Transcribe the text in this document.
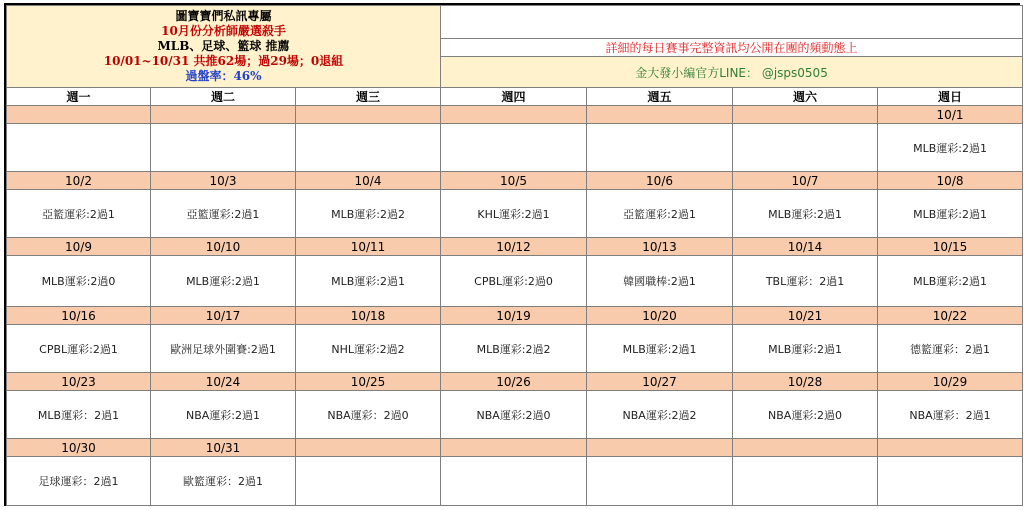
圖寶寶們私訊專屬
10月份分析師嚴選殺手
MLB、足球、籃球 推薦
10/01~10/31 共推62場；過29場；0退組
過盤率：46%						

			詳細的每日賽事完整資訊均公開在團的頻動態上			
			金大發小編官方LINE： @jsps0505			
週一	週二	週三	週四	週五	週六	週日
						10/1
						MLB運彩:2過1
10/2	10/3	10/4	10/5	10/6	10/7	10/8
亞籃運彩:2過1	亞籃運彩:2過1	MLB運彩:2過2	KHL運彩:2過1	亞籃運彩:2過1	MLB運彩:2過1	MLB運彩:2過1
10/9	10/10	10/11	10/12	10/13	10/14	10/15
MLB運彩:2過0	MLB運彩:2過1	MLB運彩:2過1	CPBL運彩:2過0	韓國職棒:2過1	TBL運彩：2過1	MLB運彩:2過1
10/16	10/17	10/18	10/19	10/20	10/21	10/22
CPBL運彩:2過1	歐洲足球外圍賽:2過1	NHL運彩:2過2	MLB運彩:2過2	MLB運彩:2過1	MLB運彩:2過1	德籃運彩：2過1
10/23	10/24	10/25	10/26	10/27	10/28	10/29
MLB運彩：2過1	NBA運彩:2過1	NBA運彩：2過0	NBA運彩:2過0	NBA運彩:2過2	NBA運彩:2過0	NBA運彩：2過1
10/30	10/31					
足球運彩：2過1	歐籃運彩：2過1					
